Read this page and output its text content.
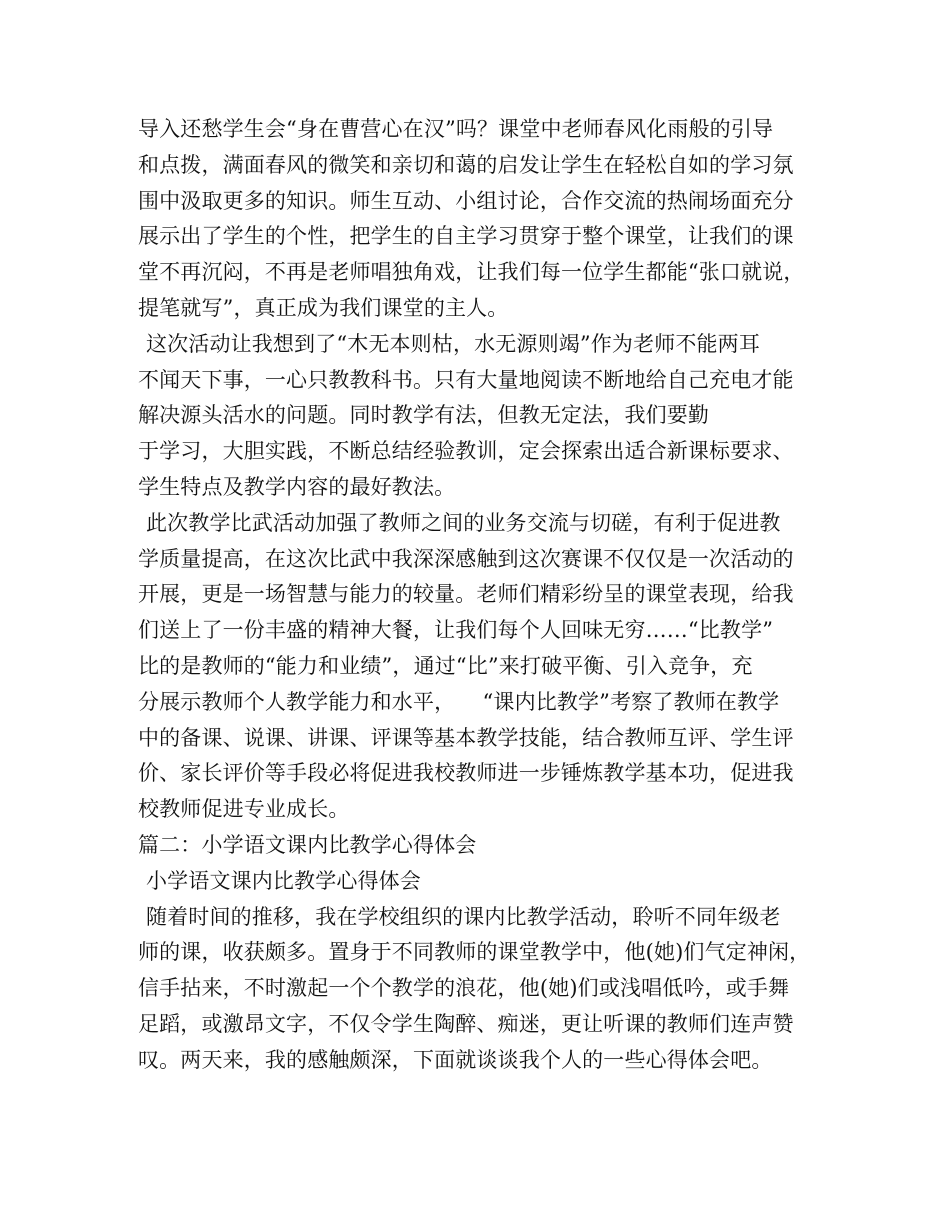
导入还愁学生会“身在曹营心在汉”吗？课堂中老师春风化雨般的引导
和点拨，满面春风的微笑和亲切和蔼的启发让学生在轻松自如的学习氛
围中汲取更多的知识。师生互动、小组讨论，合作交流的热闹场面充分
展示出了学生的个性，把学生的自主学习贯穿于整个课堂，让我们的课
堂不再沉闷，不再是老师唱独角戏，让我们每一位学生都能“张口就说，
提笔就写”，真正成为我们课堂的主人。
这次活动让我想到了“木无本则枯，水无源则竭”作为老师不能两耳
不闻天下事，一心只教教科书。只有大量地阅读不断地给自己充电才能
解决源头活水的问题。同时教学有法，但教无定法，我们要勤
于学习，大胆实践，不断总结经验教训，定会探索出适合新课标要求、
学生特点及教学内容的最好教法。
此次教学比武活动加强了教师之间的业务交流与切磋，有利于促进教
学质量提高，在这次比武中我深深感触到这次赛课不仅仅是一次活动的
开展，更是一场智慧与能力的较量。老师们精彩纷呈的课堂表现，给我
们送上了一份丰盛的精神大餐，让我们每个人回味无穷……“比教学”
比的是教师的“能力和业绩”，通过“比”来打破平衡、引入竞争，充
分展示教师个人教学能力和水平，    “课内比教学”考察了教师在教学
中的备课、说课、讲课、评课等基本教学技能，结合教师互评、学生评
价、家长评价等手段必将促进我校教师进一步锤炼教学基本功，促进我
校教师促进专业成长。
篇二：小学语文课内比教学心得体会
小学语文课内比教学心得体会
随着时间的推移，我在学校组织的课内比教学活动，聆听不同年级老
师的课，收获颇多。置身于不同教师的课堂教学中，他(她)们气定神闲，
信手拈来，不时激起一个个教学的浪花，他(她)们或浅唱低吟，或手舞
足蹈，或激昂文字，不仅令学生陶醉、痴迷，更让听课的教师们连声赞
叹。两天来，我的感触颇深，下面就谈谈我个人的一些心得体会吧。
